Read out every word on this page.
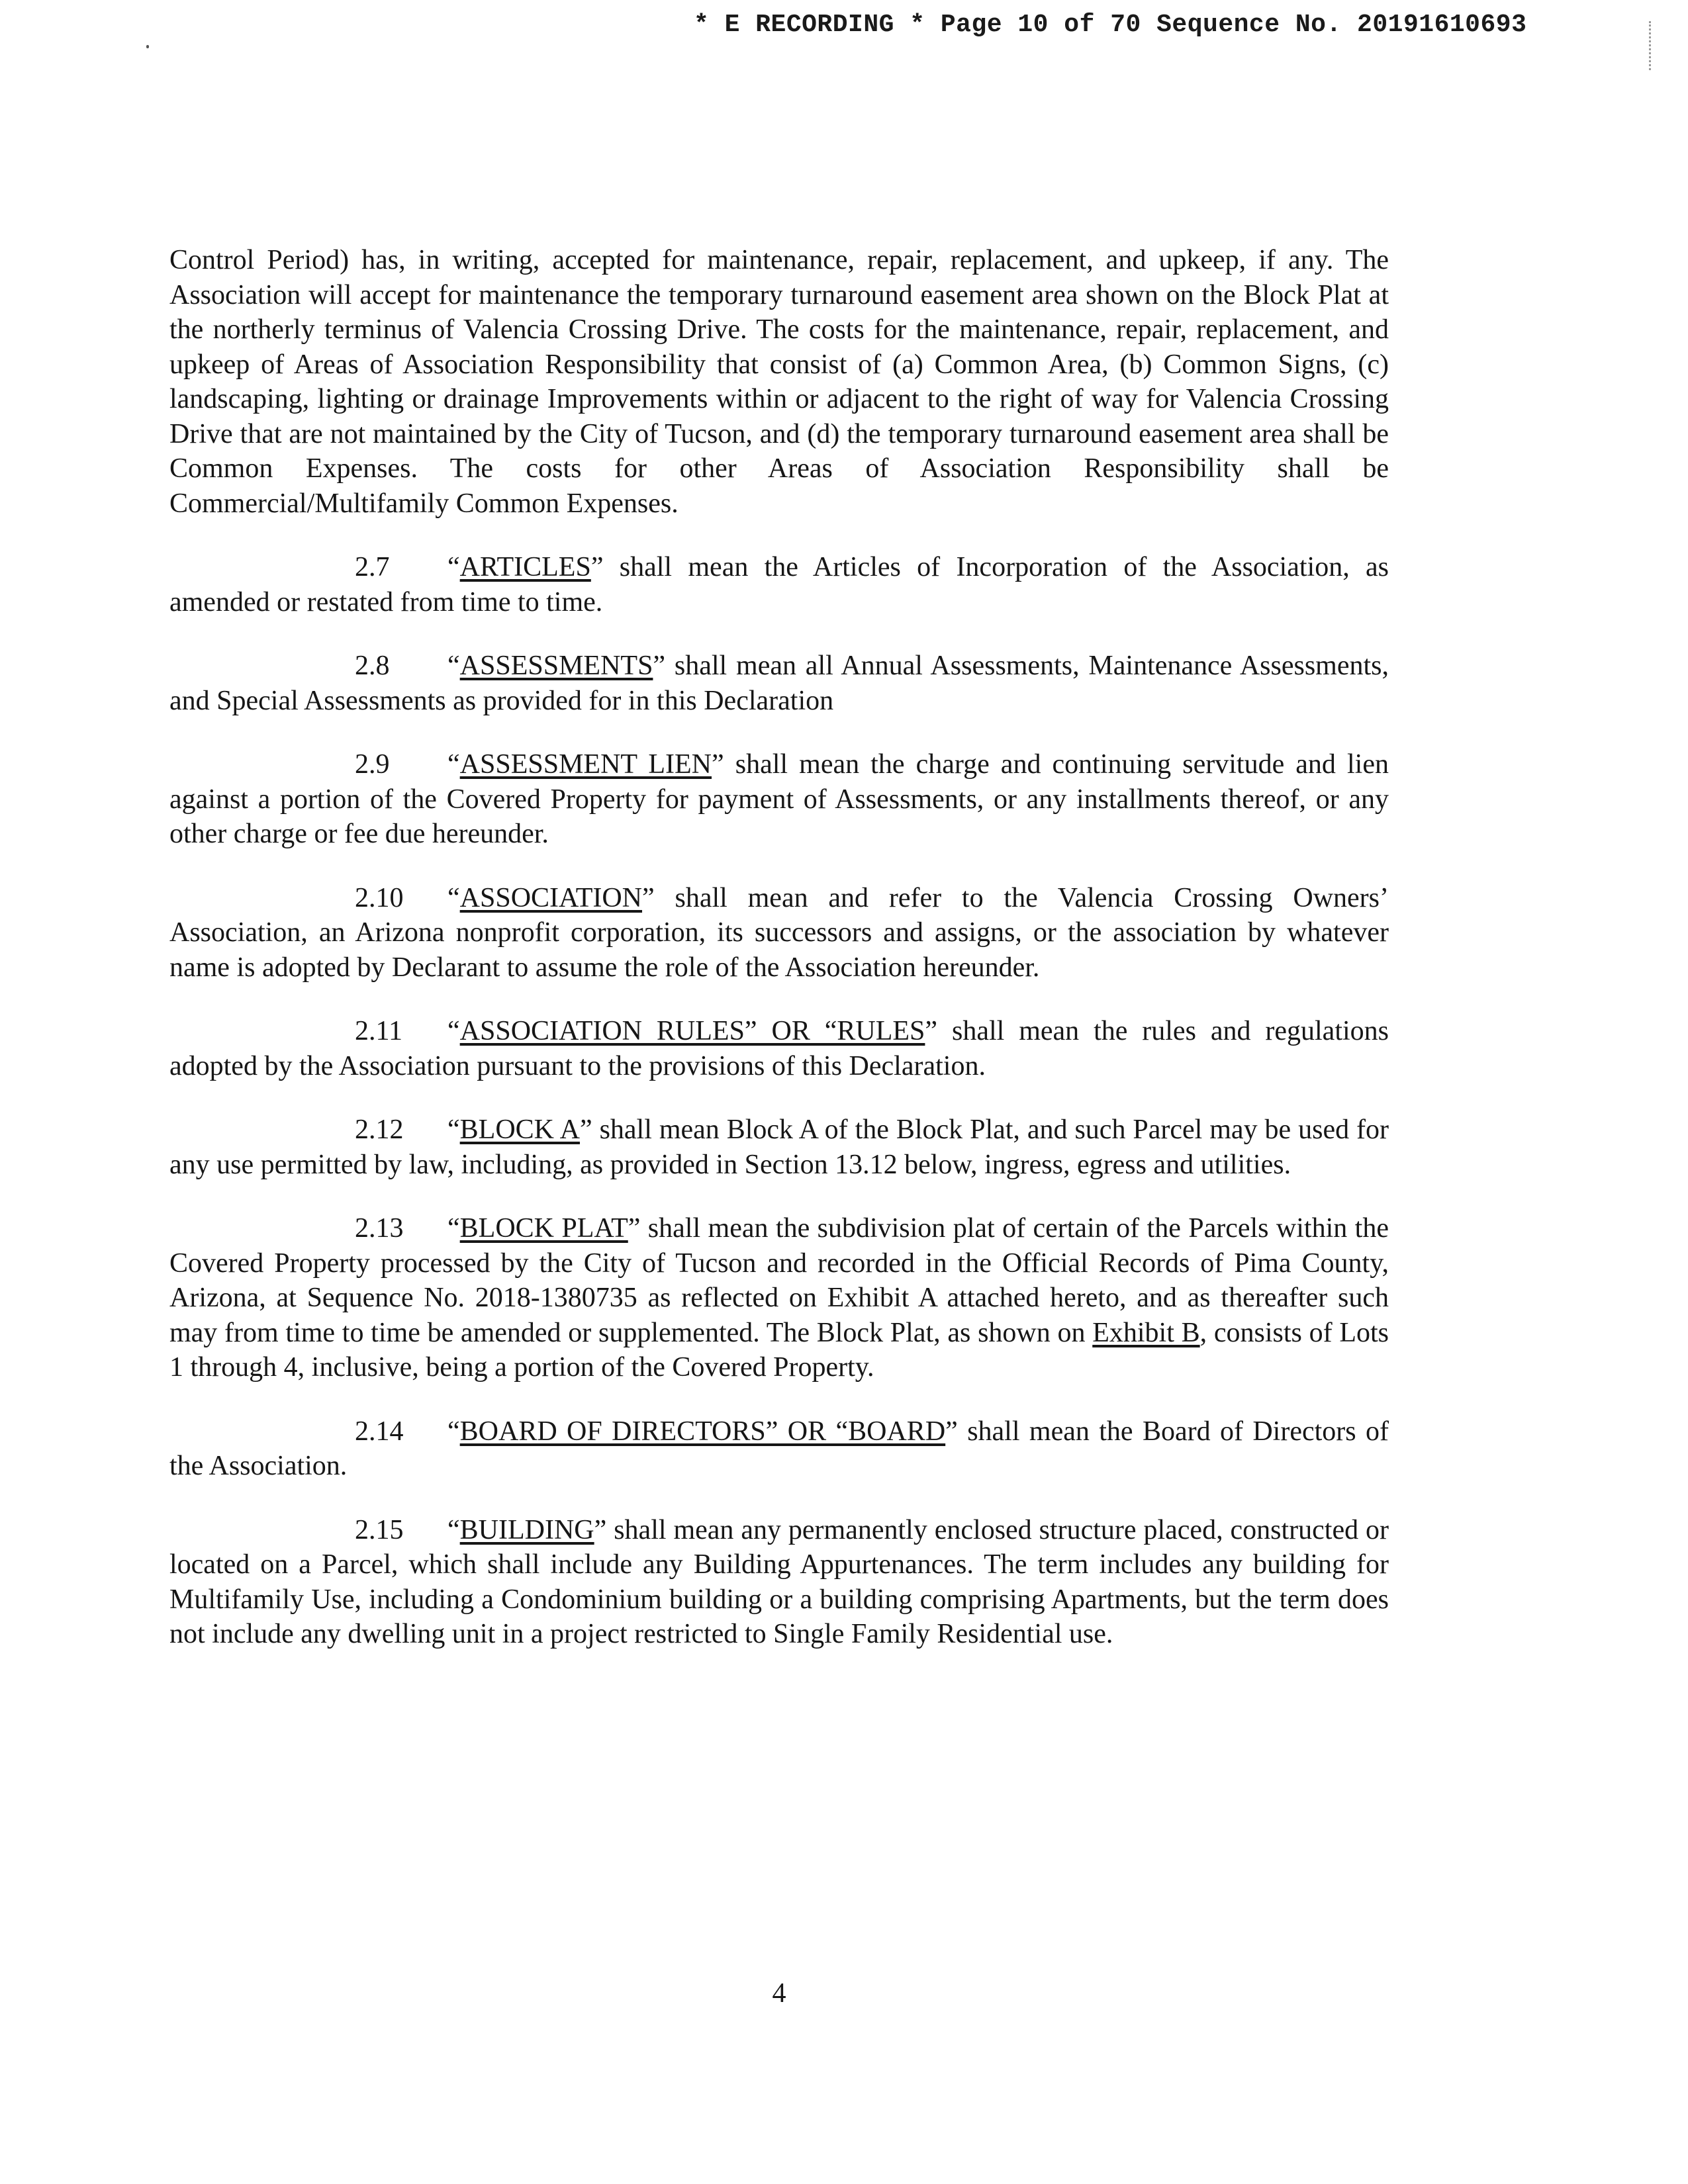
* E RECORDING * Page 10 of 70 Sequence No. 20191610693

Control Period) has, in writing, accepted for maintenance, repair, replacement, and upkeep, if any. The Association will accept for maintenance the temporary turnaround easement area shown on the Block Plat at the northerly terminus of Valencia Crossing Drive. The costs for the maintenance, repair, replacement, and upkeep of Areas of Association Responsibility that consist of (a) Common Area, (b) Common Signs, (c) landscaping, lighting or drainage Improvements within or adjacent to the right of way for Valencia Crossing Drive that are not maintained by the City of Tucson, and (d) the temporary turnaround easement area shall be Common Expenses. The costs for other Areas of Association Responsibility shall be Commercial/Multifamily Common Expenses.

2.7 “ARTICLES” shall mean the Articles of Incorporation of the Association, as amended or restated from time to time.

2.8 “ASSESSMENTS” shall mean all Annual Assessments, Maintenance Assessments, and Special Assessments as provided for in this Declaration

2.9 “ASSESSMENT LIEN” shall mean the charge and continuing servitude and lien against a portion of the Covered Property for payment of Assessments, or any installments thereof, or any other charge or fee due hereunder.

2.10 “ASSOCIATION” shall mean and refer to the Valencia Crossing Owners’ Association, an Arizona nonprofit corporation, its successors and assigns, or the association by whatever name is adopted by Declarant to assume the role of the Association hereunder.

2.11 “ASSOCIATION RULES” OR “RULES” shall mean the rules and regulations adopted by the Association pursuant to the provisions of this Declaration.

2.12 “BLOCK A” shall mean Block A of the Block Plat, and such Parcel may be used for any use permitted by law, including, as provided in Section 13.12 below, ingress, egress and utilities.

2.13 “BLOCK PLAT” shall mean the subdivision plat of certain of the Parcels within the Covered Property processed by the City of Tucson and recorded in the Official Records of Pima County, Arizona, at Sequence No. 2018-1380735 as reflected on Exhibit A attached hereto, and as thereafter such may from time to time be amended or supplemented. The Block Plat, as shown on Exhibit B, consists of Lots 1 through 4, inclusive, being a portion of the Covered Property.

2.14 “BOARD OF DIRECTORS” OR “BOARD” shall mean the Board of Directors of the Association.

2.15 “BUILDING” shall mean any permanently enclosed structure placed, constructed or located on a Parcel, which shall include any Building Appurtenances. The term includes any building for Multifamily Use, including a Condominium building or a building comprising Apartments, but the term does not include any dwelling unit in a project restricted to Single Family Residential use.

4
